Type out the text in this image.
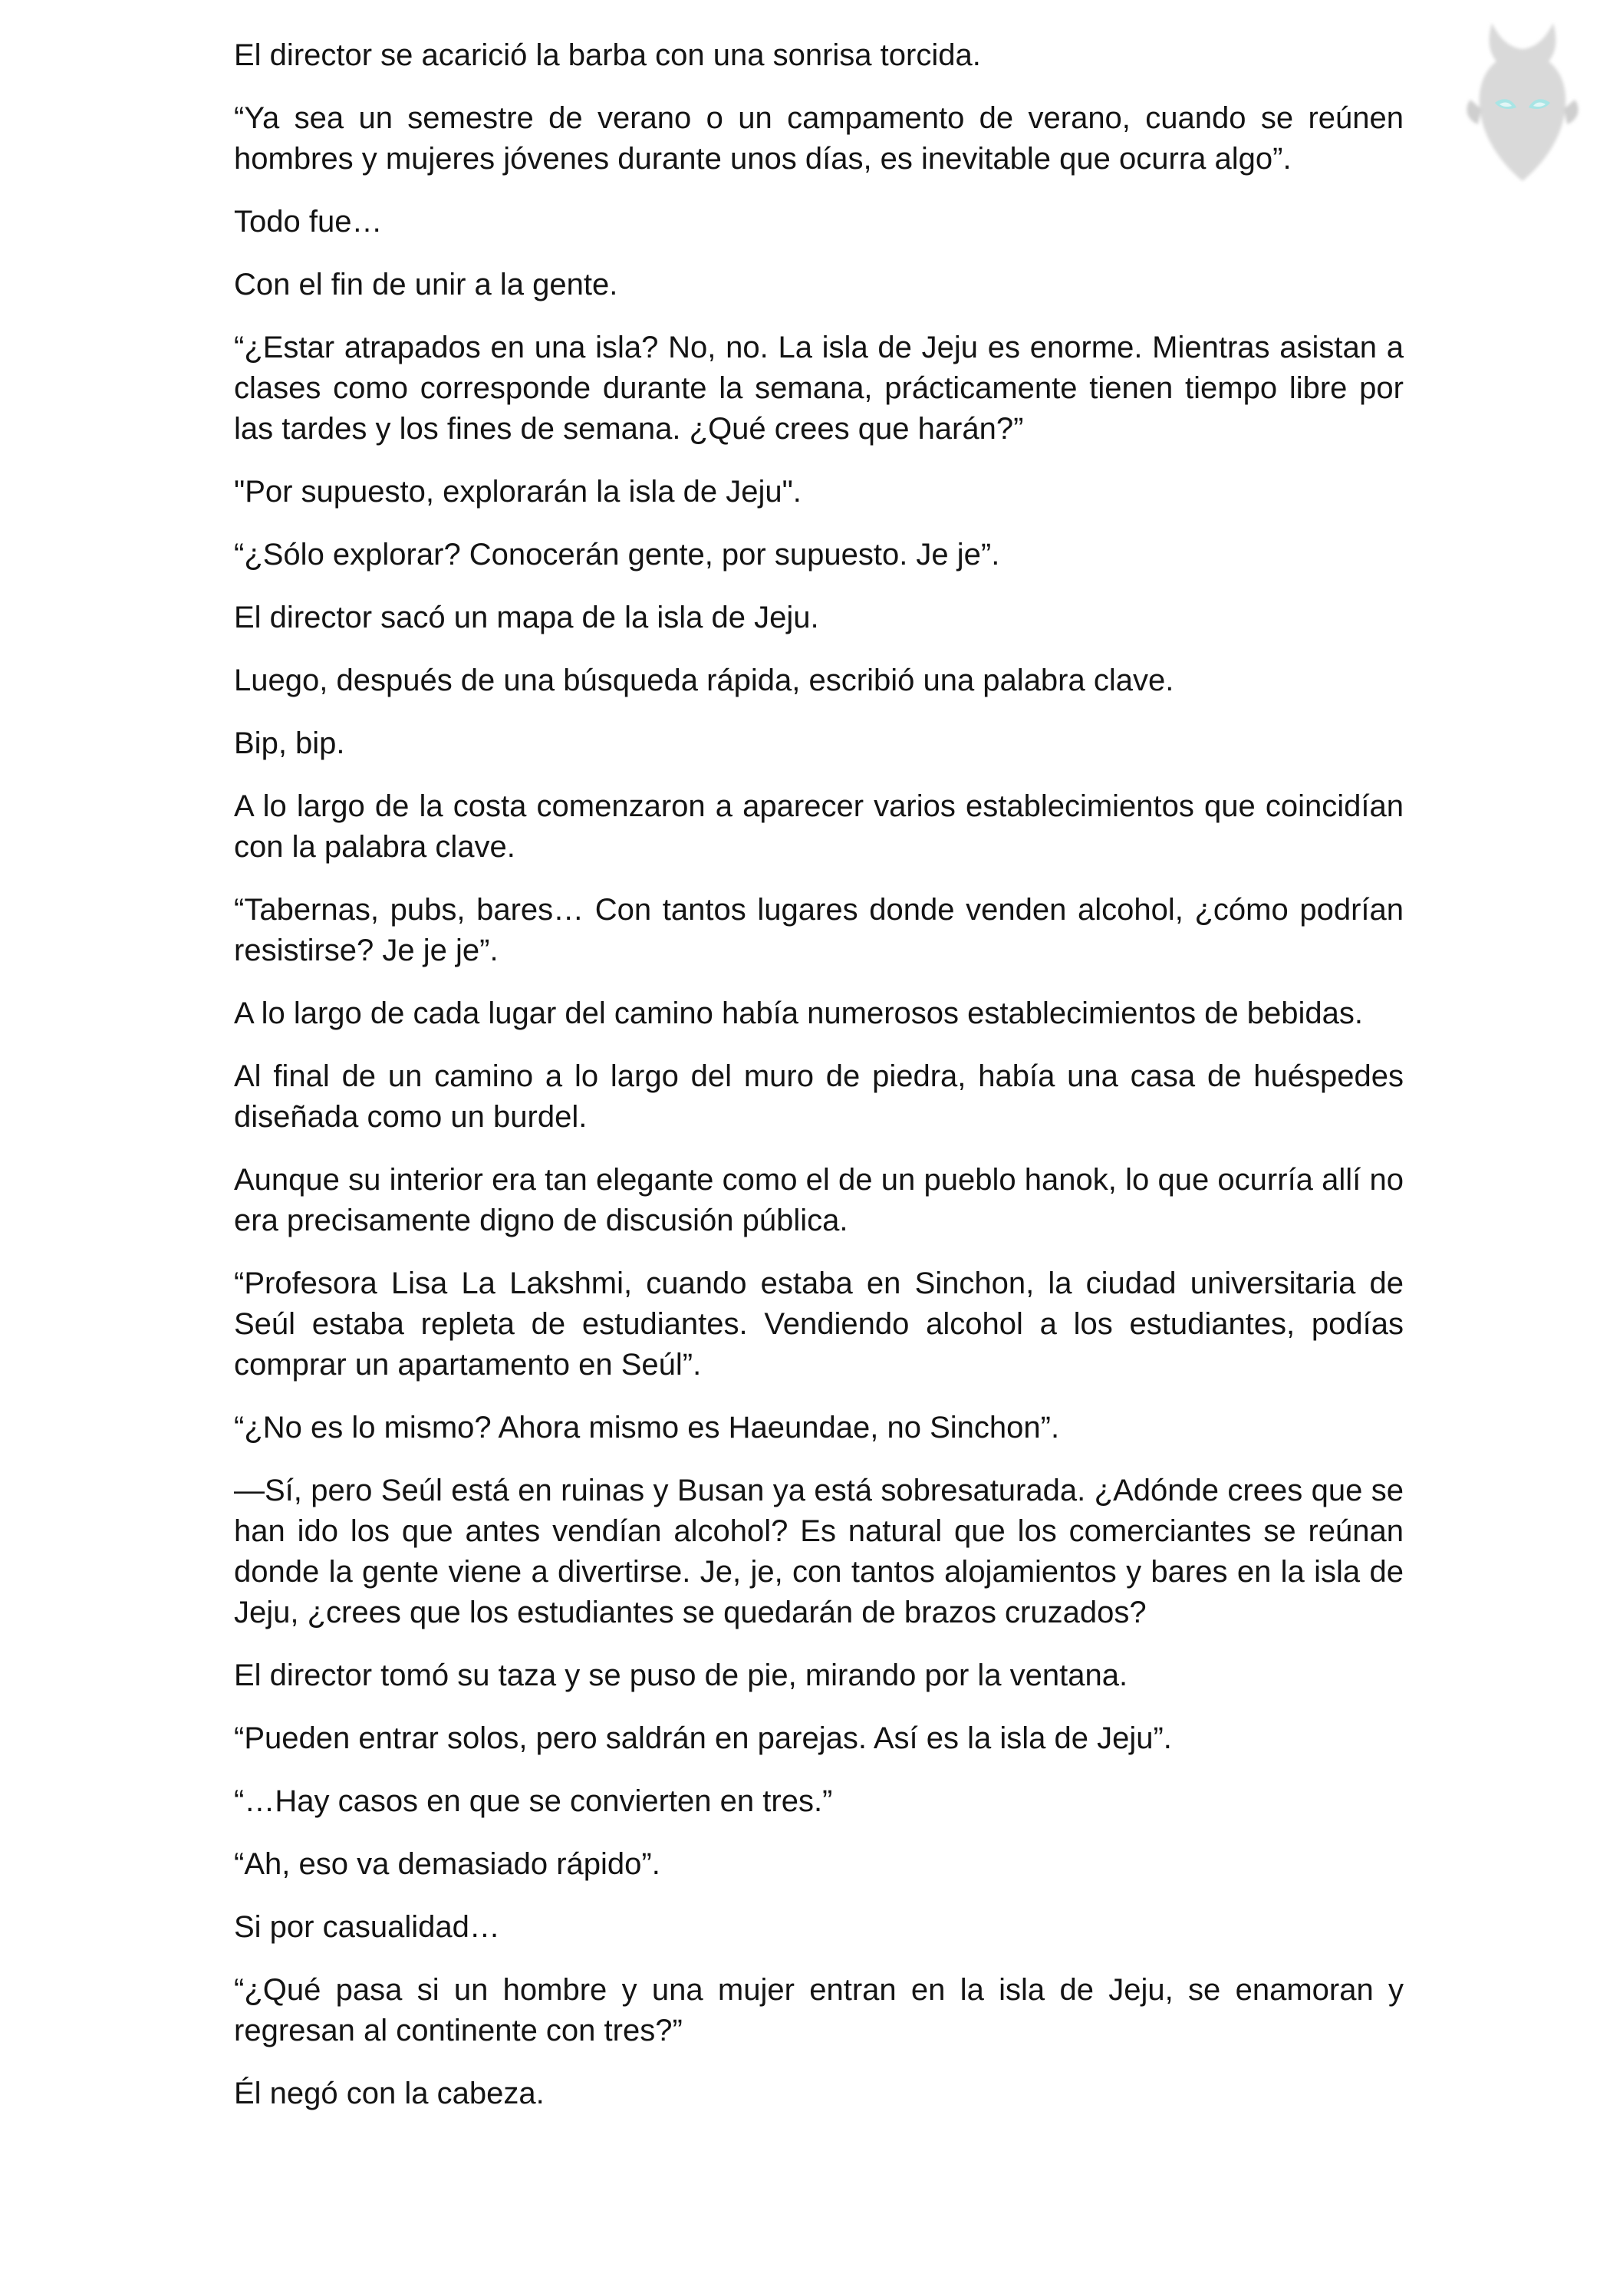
El director se acarició la barba con una sonrisa torcida.

“Ya sea un semestre de verano o un campamento de verano, cuando se reúnen hombres y mujeres jóvenes durante unos días, es inevitable que ocurra algo”.

Todo fue…

Con el fin de unir a la gente.

“¿Estar atrapados en una isla? No, no. La isla de Jeju es enorme. Mientras asistan a clases como corresponde durante la semana, prácticamente tienen tiempo libre por las tardes y los fines de semana. ¿Qué crees que harán?”

"Por supuesto, explorarán la isla de Jeju".

“¿Sólo explorar? Conocerán gente, por supuesto. Je je”.

El director sacó un mapa de la isla de Jeju.

Luego, después de una búsqueda rápida, escribió una palabra clave.

Bip, bip.

A lo largo de la costa comenzaron a aparecer varios establecimientos que coincidían con la palabra clave.

“Tabernas, pubs, bares… Con tantos lugares donde venden alcohol, ¿cómo podrían resistirse? Je je je”.

A lo largo de cada lugar del camino había numerosos establecimientos de bebidas.

Al final de un camino a lo largo del muro de piedra, había una casa de huéspedes diseñada como un burdel.

Aunque su interior era tan elegante como el de un pueblo hanok, lo que ocurría allí no era precisamente digno de discusión pública.

“Profesora Lisa La Lakshmi, cuando estaba en Sinchon, la ciudad universitaria de Seúl estaba repleta de estudiantes. Vendiendo alcohol a los estudiantes, podías comprar un apartamento en Seúl”.

“¿No es lo mismo? Ahora mismo es Haeundae, no Sinchon”.

—Sí, pero Seúl está en ruinas y Busan ya está sobresaturada. ¿Adónde crees que se han ido los que antes vendían alcohol? Es natural que los comerciantes se reúnan donde la gente viene a divertirse. Je, je, con tantos alojamientos y bares en la isla de Jeju, ¿crees que los estudiantes se quedarán de brazos cruzados?

El director tomó su taza y se puso de pie, mirando por la ventana.

“Pueden entrar solos, pero saldrán en parejas. Así es la isla de Jeju”.

“…Hay casos en que se convierten en tres.”

“Ah, eso va demasiado rápido”.

Si por casualidad…

“¿Qué pasa si un hombre y una mujer entran en la isla de Jeju, se enamoran y regresan al continente con tres?”

Él negó con la cabeza.
